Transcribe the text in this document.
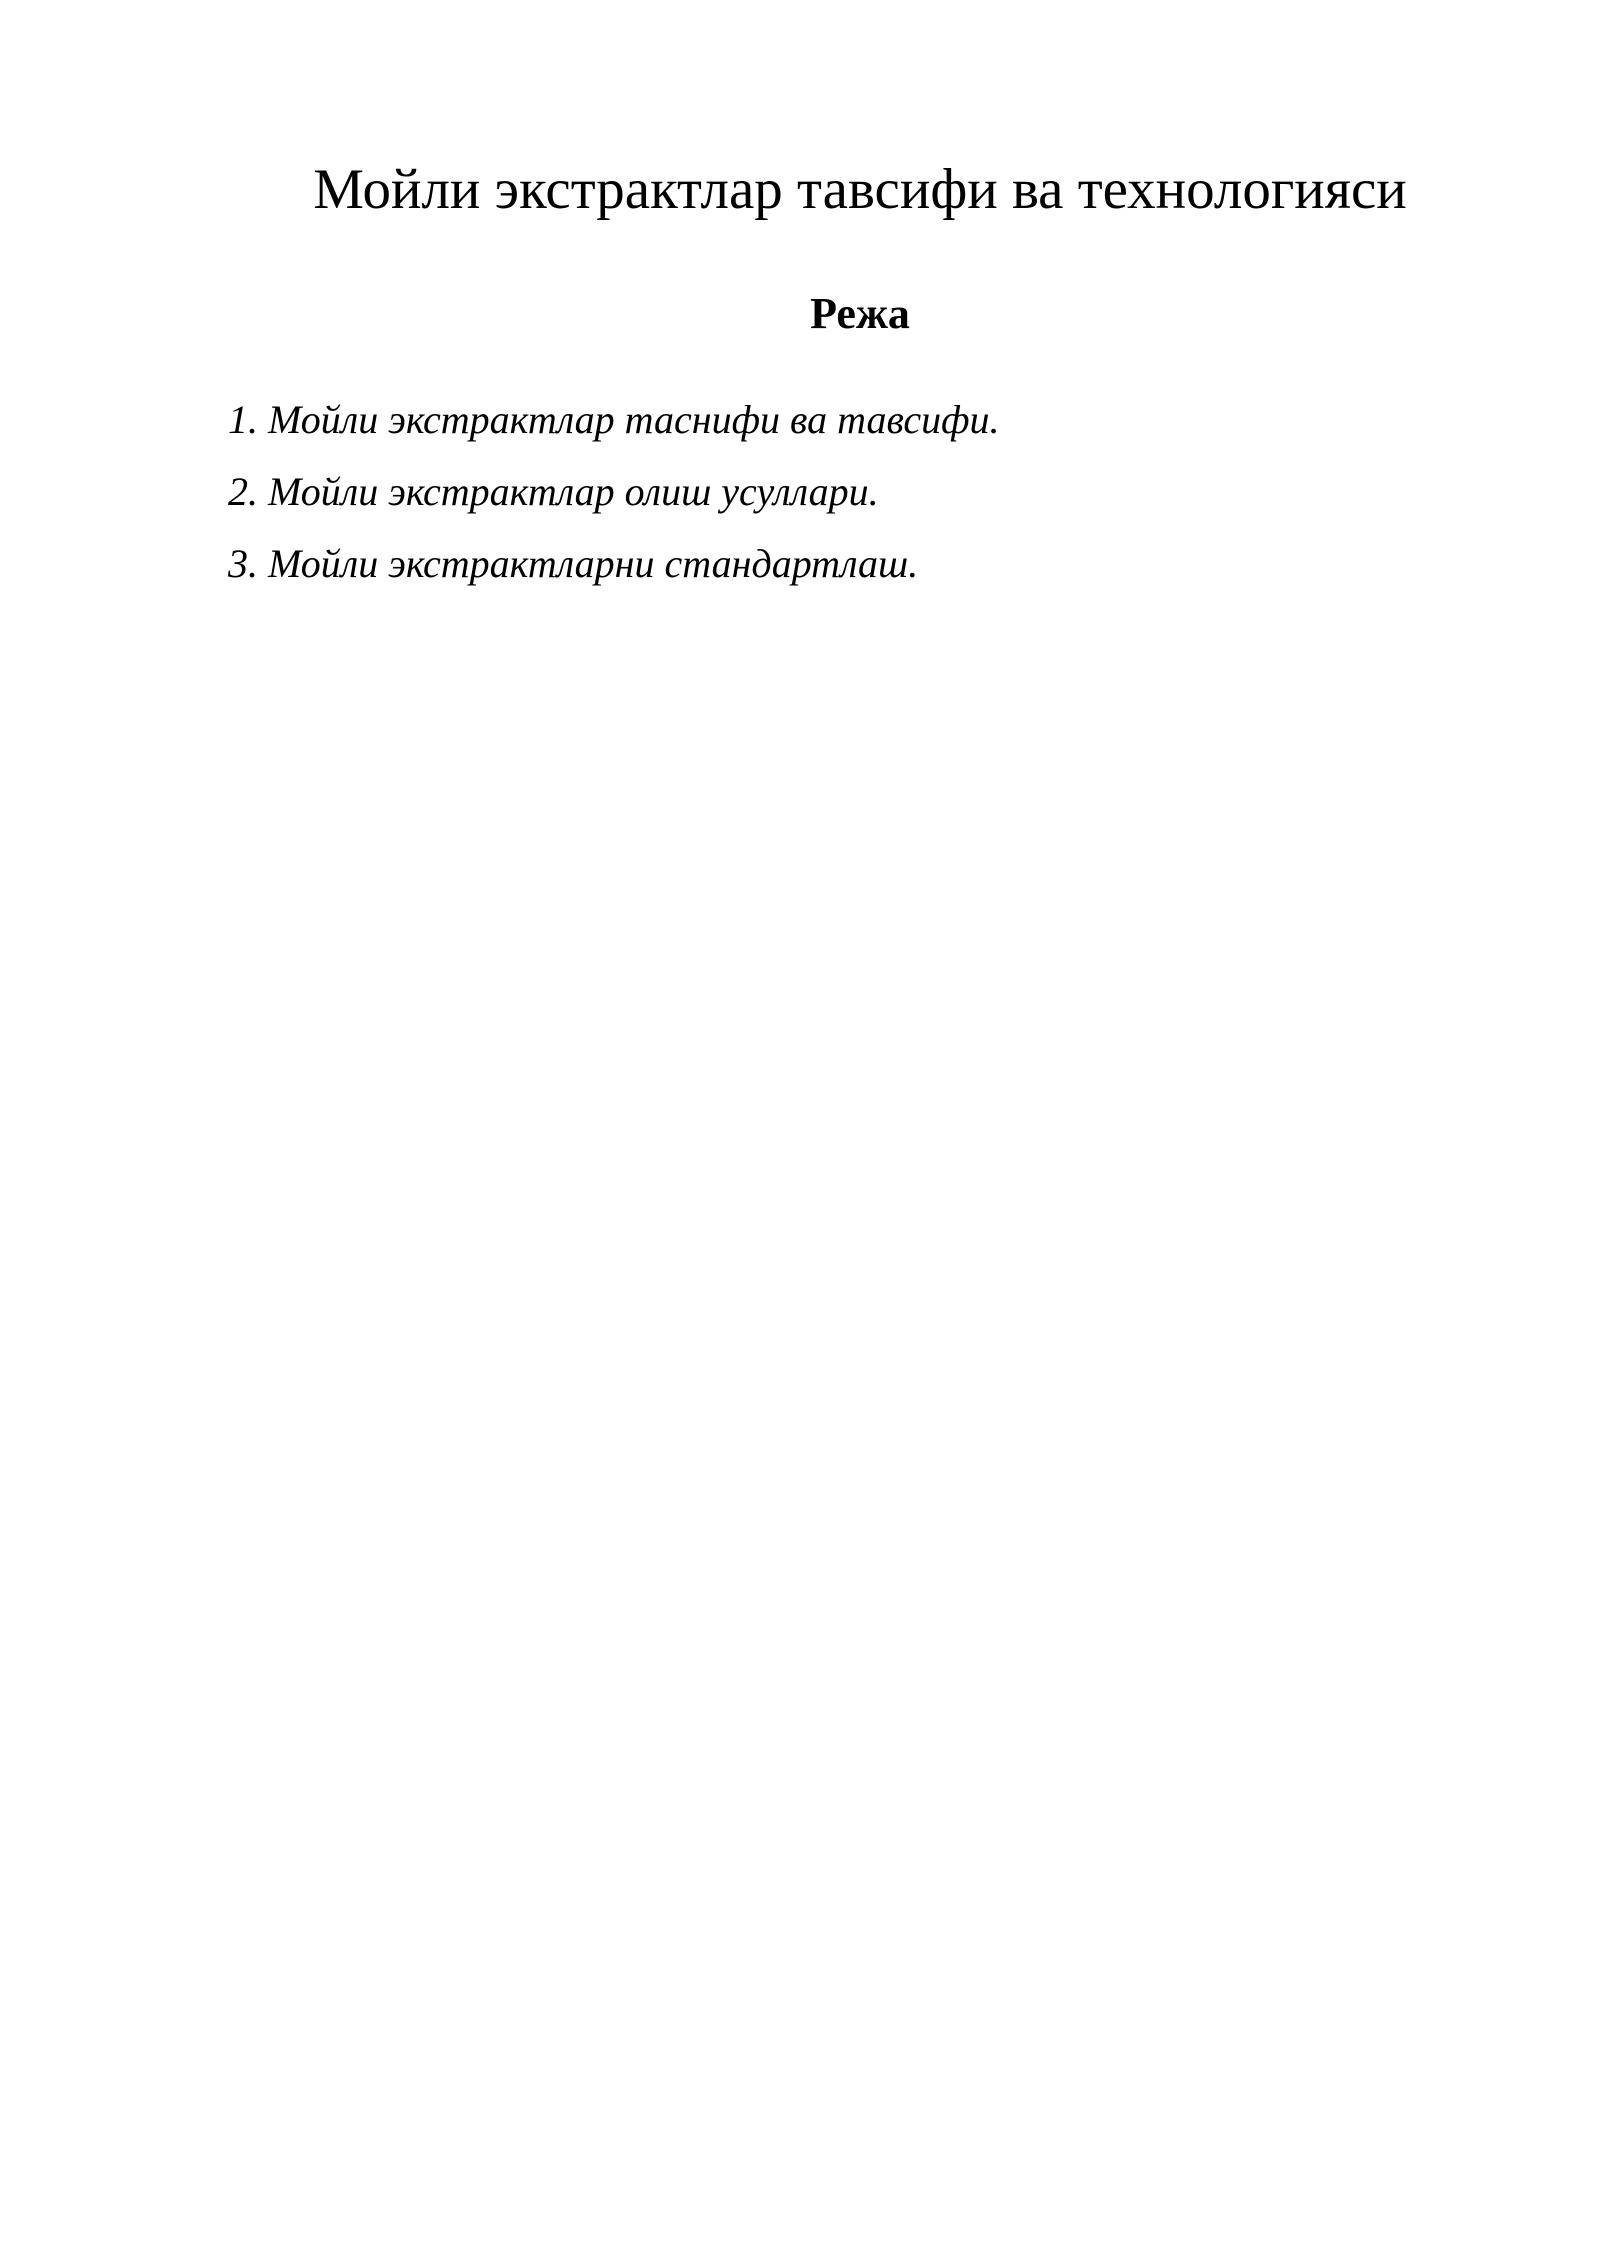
Мойли экстрактлар тавсифи ва технологияси
Режа
1. Мойли экстрактлар таснифи ва тавсифи.
2. Мойли экстрактлар олиш усуллари.
3. Мойли экстрактларни стандартлаш.
